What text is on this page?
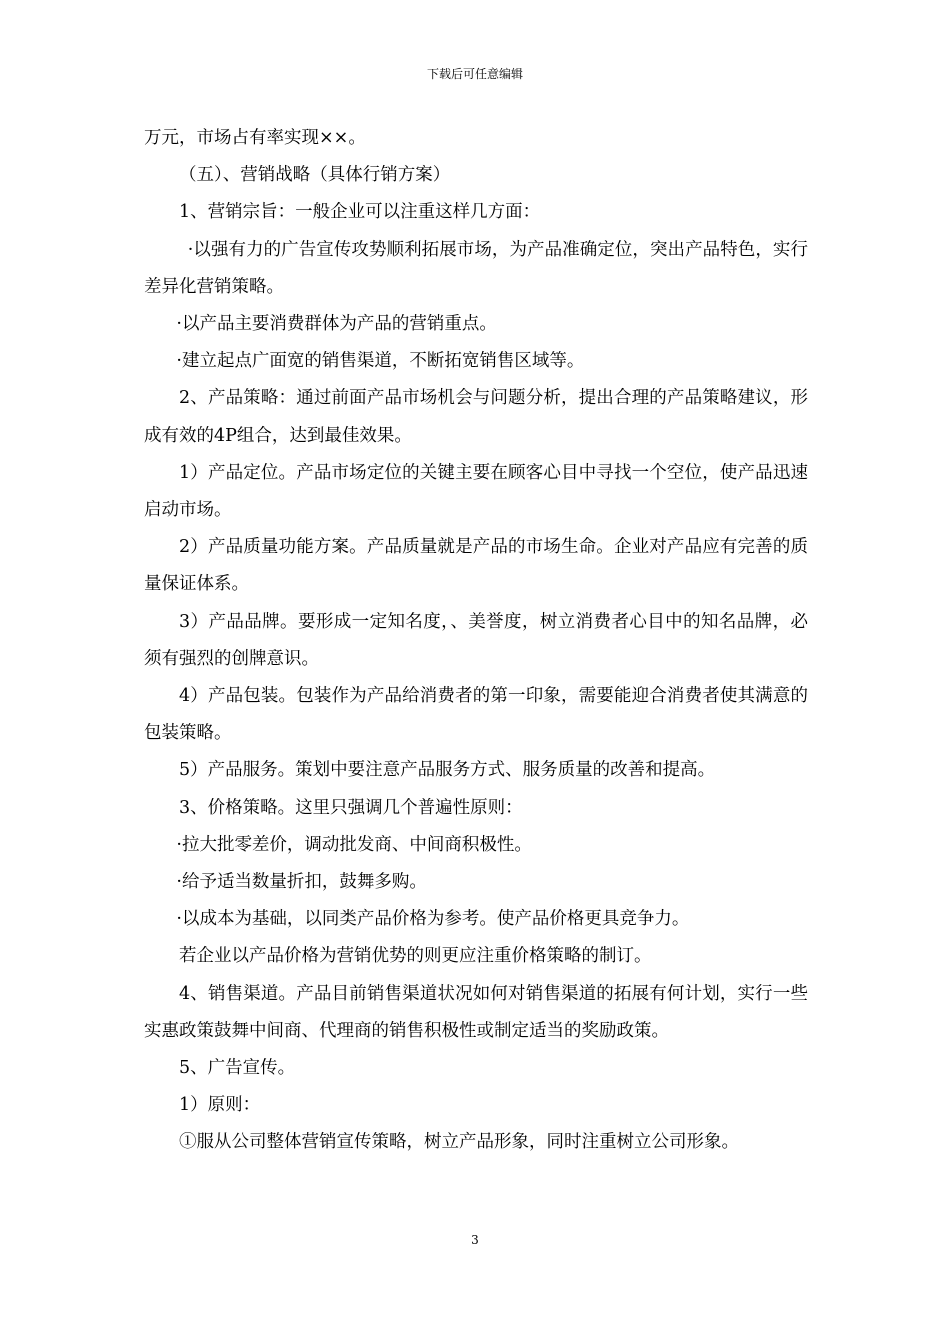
下载后可任意编辑

万元，市场占有率实现××。

（五）、营销战略（具体行销方案）

1、营销宗旨：一般企业可以注重这样几方面：

·以强有力的广告宣传攻势顺利拓展市场，为产品准确定位，突出产品特色，实行差异化营销策略。

·以产品主要消费群体为产品的营销重点。

·建立起点广面宽的销售渠道，不断拓宽销售区域等。

2、产品策略：通过前面产品市场机会与问题分析，提出合理的产品策略建议，形成有效的4P组合，达到最佳效果。

1）产品定位。产品市场定位的关键主要在顾客心目中寻找一个空位，使产品迅速启动市场。

2）产品质量功能方案。产品质量就是产品的市场生命。企业对产品应有完善的质量保证体系。

3）产品品牌。要形成一定知名度，、美誉度，树立消费者心目中的知名品牌，必须有强烈的创牌意识。

4）产品包装。包装作为产品给消费者的第一印象，需要能迎合消费者使其满意的包装策略。

5）产品服务。策划中要注意产品服务方式、服务质量的改善和提高。

3、价格策略。这里只强调几个普遍性原则：

·拉大批零差价，调动批发商、中间商积极性。

·给予适当数量折扣，鼓舞多购。

·以成本为基础，以同类产品价格为参考。使产品价格更具竞争力。

若企业以产品价格为营销优势的则更应注重价格策略的制订。

4、销售渠道。产品目前销售渠道状况如何对销售渠道的拓展有何计划，实行一些实惠政策鼓舞中间商、代理商的销售积极性或制定适当的奖励政策。

5、广告宣传。

1）原则：

①服从公司整体营销宣传策略，树立产品形象，同时注重树立公司形象。

3
